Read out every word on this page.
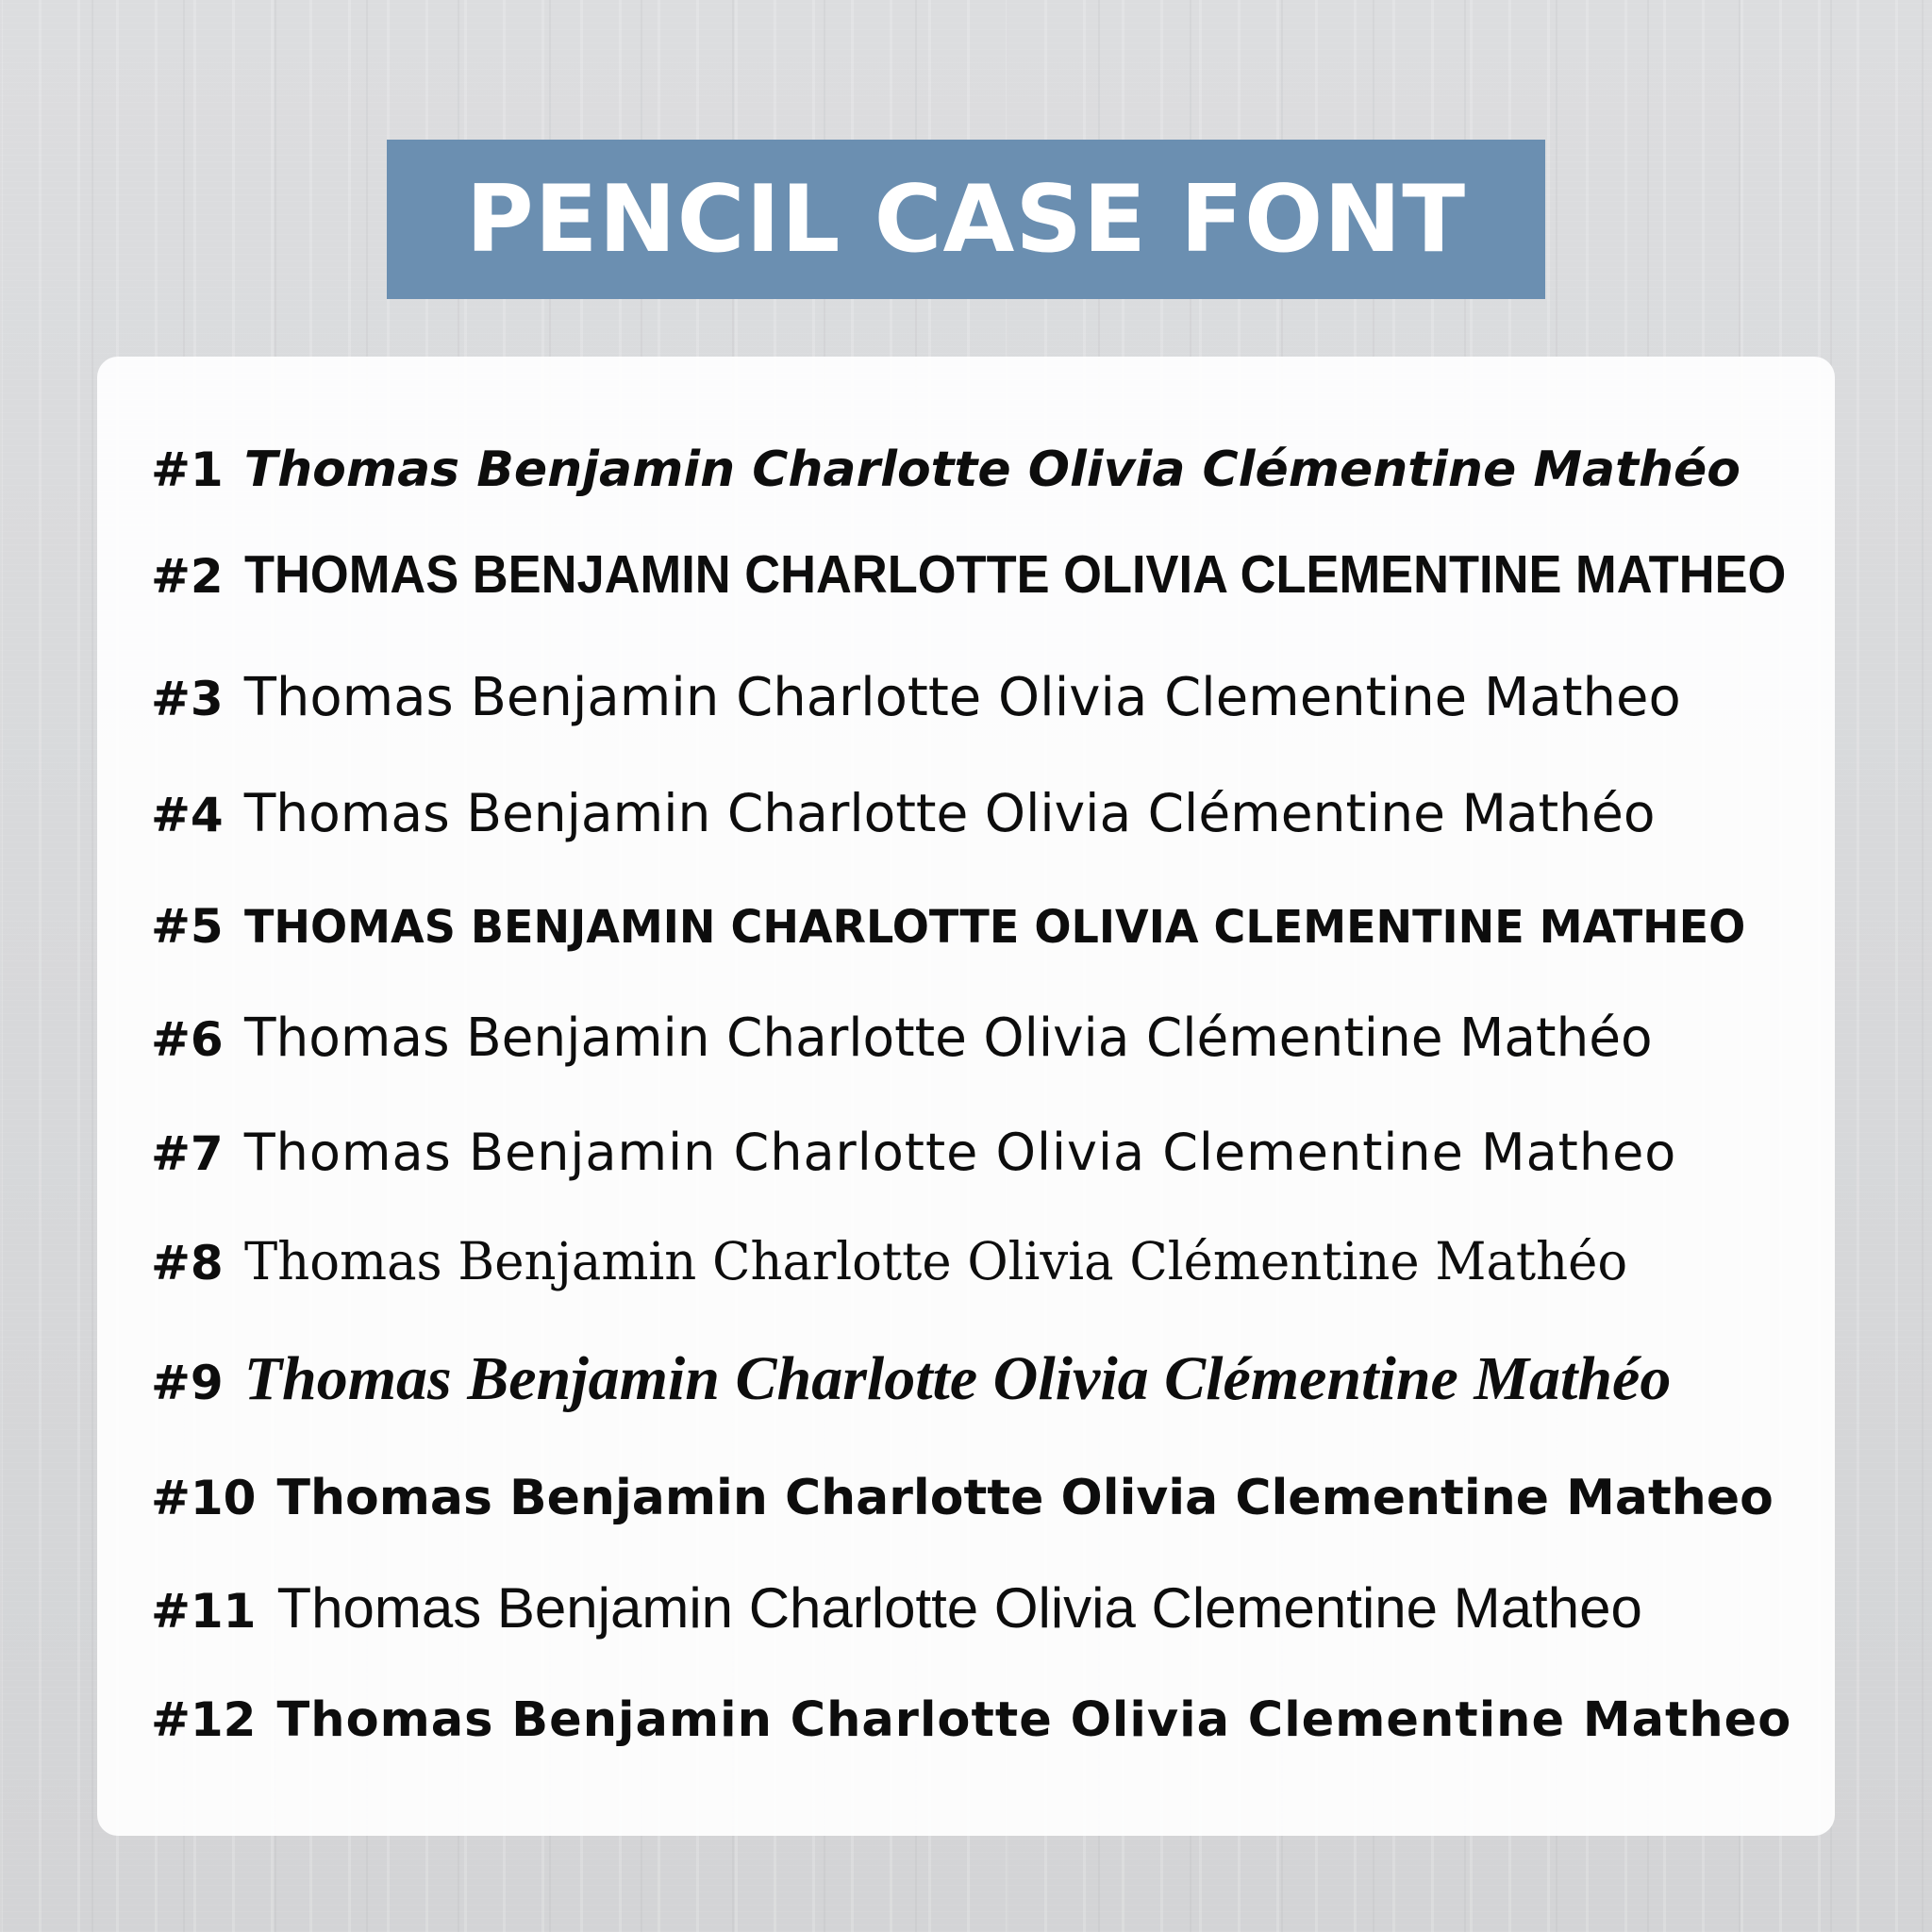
PENCIL CASE FONT
#1 Thomas Benjamin Charlotte Olivia Clémentine Mathéo
#2 THOMAS BENJAMIN CHARLOTTE OLIVIA CLEMENTINE MATHEO
#3 Thomas Benjamin Charlotte Olivia Clementine Matheo
#4 Thomas Benjamin Charlotte Olivia Clémentine Mathéo
#5 THOMAS BENJAMIN CHARLOTTE OLIVIA CLEMENTINE MATHEO
#6 Thomas Benjamin Charlotte Olivia Clémentine Mathéo
#7 Thomas Benjamin Charlotte Olivia Clementine Matheo
#8 Thomas Benjamin Charlotte Olivia Clémentine Mathéo
#9 Thomas Benjamin Charlotte Olivia Clémentine Mathéo
#10 Thomas Benjamin Charlotte Olivia Clementine Matheo
#11 Thomas Benjamin Charlotte Olivia Clementine Matheo
#12 Thomas Benjamin Charlotte Olivia Clementine Matheo
